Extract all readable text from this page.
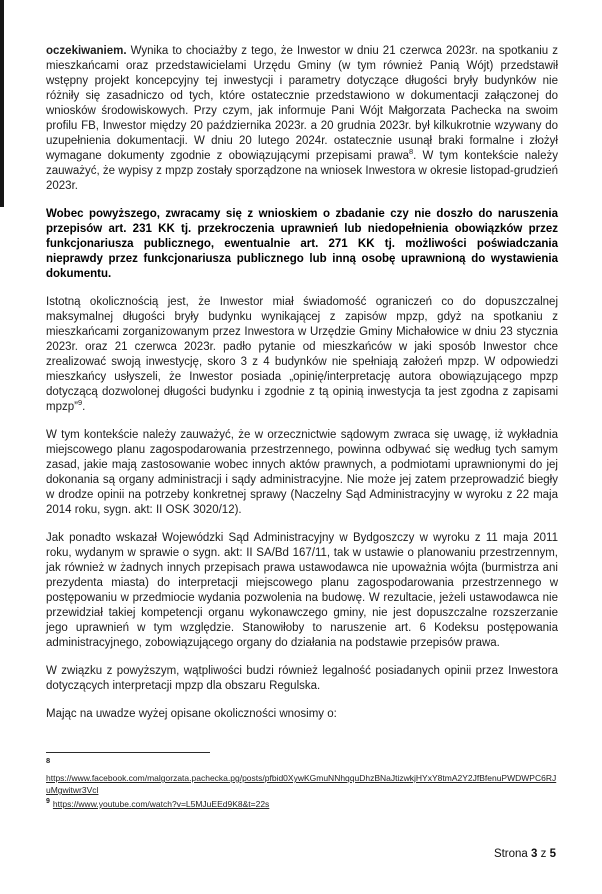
oczekiwaniem. Wynika to chociażby z tego, że Inwestor w dniu 21 czerwca 2023r. na spotkaniu z mieszkańcami oraz przedstawicielami Urzędu Gminy (w tym również Panią Wójt) przedstawił wstępny projekt koncepcyjny tej inwestycji i parametry dotyczące długości bryły budynków nie różniły się zasadniczo od tych, które ostatecznie przedstawiono w dokumentacji załączonej do wniosków środowiskowych. Przy czym, jak informuje Pani Wójt Małgorzata Pachecka na swoim profilu FB, Inwestor między 20 października 2023r. a 20 grudnia 2023r. był kilkukrotnie wzywany do uzupełnienia dokumentacji. W dniu 20 lutego 2024r. ostatecznie usunął braki formalne i złożył wymagane dokumenty zgodnie z obowiązującymi przepisami prawa$^8$. W tym kontekście należy zauważyć, że wypisy z mpzp zostały sporządzone na wniosek Inwestora w okresie listopad-grudzień 2023r.

Wobec powyższego, zwracamy się z wnioskiem o zbadanie czy nie doszło do naruszenia przepisów art. 231 KK tj. przekroczenia uprawnień lub niedopełnienia obowiązków przez funkcjonariusza publicznego, ewentualnie art. 271 KK tj. możliwości poświadczania nieprawdy przez funkcjonariusza publicznego lub inną osobę uprawnioną do wystawienia dokumentu.

Istotną okolicznością jest, że Inwestor miał świadomość ograniczeń co do dopuszczalnej maksymalnej długości bryły budynku wynikającej z zapisów mpzp, gdyż na spotkaniu z mieszkańcami zorganizowanym przez Inwestora w Urzędzie Gminy Michałowice w dniu 23 stycznia 2023r. oraz 21 czerwca 2023r. padło pytanie od mieszkańców w jaki sposób Inwestor chce zrealizować swoją inwestycję, skoro 3 z 4 budynków nie spełniają założeń mpzp. W odpowiedzi mieszkańcy usłyszeli, że Inwestor posiada „opinię/interpretację autora obowiązującego mpzp dotyczącą dozwolonej długości budynku i zgodnie z tą opinią inwestycja ta jest zgodna z zapisami mpzp”$^9$.

W tym kontekście należy zauważyć, że w orzecznictwie sądowym zwraca się uwagę, iż wykładnia miejscowego planu zagospodarowania przestrzennego, powinna odbywać się według tych samym zasad, jakie mają zastosowanie wobec innych aktów prawnych, a podmiotami uprawnionymi do jej dokonania są organy administracji i sądy administracyjne. Nie może jej zatem przeprowadzić biegły w drodze opinii na potrzeby konkretnej sprawy (Naczelny Sąd Administracyjny w wyroku z 22 maja 2014 roku, sygn. akt: II OSK 3020/12).

Jak ponadto wskazał Wojewódzki Sąd Administracyjny w Bydgoszczy w wyroku z 11 maja 2011 roku, wydanym w sprawie o sygn. akt: II SA/Bd 167/11, tak w ustawie o planowaniu przestrzennym, jak również w żadnych innych przepisach prawa ustawodawca nie upoważnia wójta (burmistrza ani prezydenta miasta) do interpretacji miejscowego planu zagospodarowania przestrzennego w postępowaniu w przedmiocie wydania pozwolenia na budowę. W rezultacie, jeżeli ustawodawca nie przewidział takiej kompetencji organu wykonawczego gminy, nie jest dopuszczalne rozszerzanie jego uprawnień w tym względzie. Stanowiłoby to naruszenie art. 6 Kodeksu postępowania administracyjnego, zobowiązującego organy do działania na podstawie przepisów prawa.

W związku z powyższym, wątpliwości budzi również legalność posiadanych opinii przez Inwestora dotyczących interpretacji mpzp dla obszaru Regulska.

Mając na uwadze wyżej opisane okoliczności wnosimy o:

8
https://www.facebook.com/malgorzata.pachecka.pg/posts/pfbid0XywKGmuNNhqquDhzBNaJtizwkjHYxY8tmA2Y2JfBfenuPWDWPC6RJuMgwitwr3Vcl
$^9$ https://www.youtube.com/watch?v=L5MJuEEd9K8&t=22s
Strona 3 z 5
